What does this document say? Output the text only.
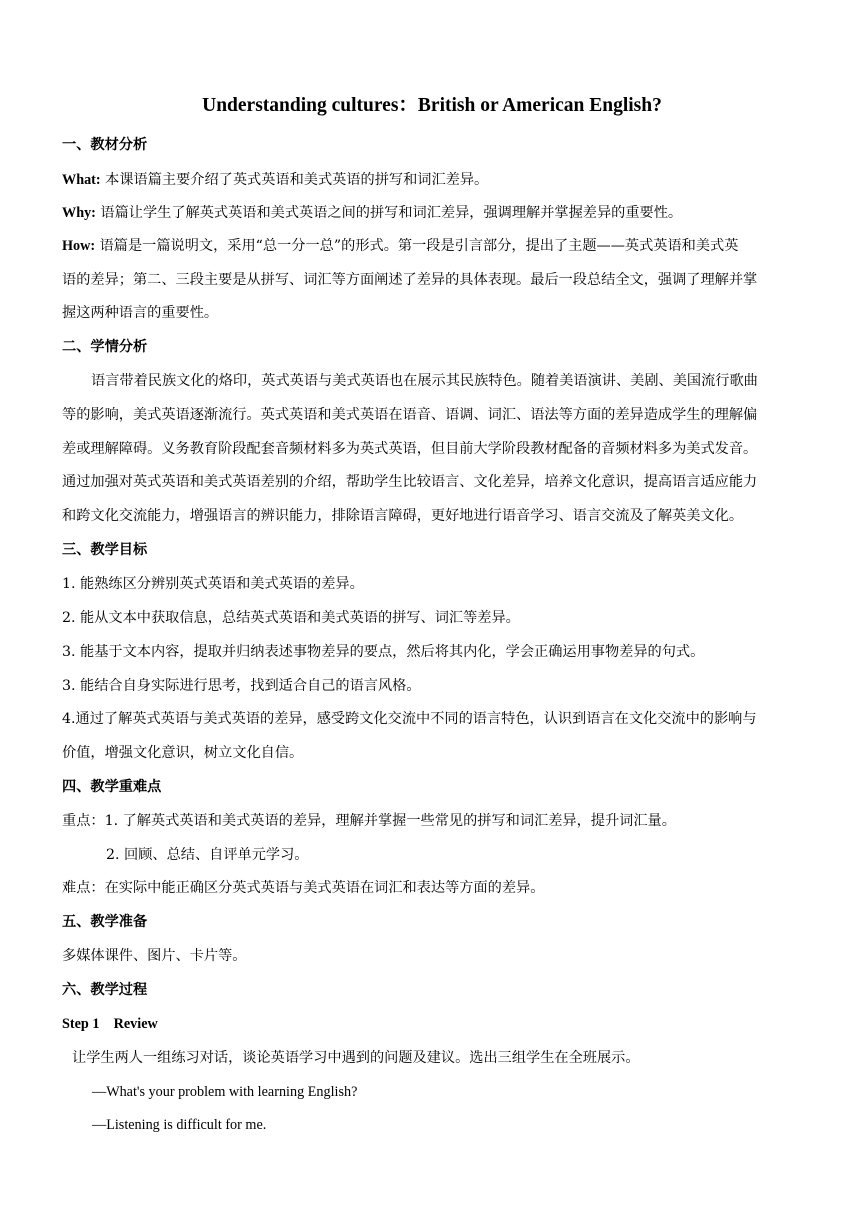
Understanding cultures：British or American English?
一、教材分析
What: 本课语篇主要介绍了英式英语和美式英语的拼写和词汇差异。
Why: 语篇让学生了解英式英语和美式英语之间的拼写和词汇差异，强调理解并掌握差异的重要性。
How: 语篇是一篇说明文，采用“总一分一总”的形式。第一段是引言部分，提出了主题——英式英语和美式英
语的差异；第二、三段主要是从拼写、词汇等方面阐述了差异的具体表现。最后一段总结全文，强调了理解并掌
握这两种语言的重要性。
二、学情分析
语言带着民族文化的烙印，英式英语与美式英语也在展示其民族特色。随着美语演讲、美剧、美国流行歌曲
等的影响，美式英语逐渐流行。英式英语和美式英语在语音、语调、词汇、语法等方面的差异造成学生的理解偏
差或理解障碍。义务教育阶段配套音频材料多为英式英语，但目前大学阶段教材配备的音频材料多为美式发音。
通过加强对英式英语和美式英语差别的介绍，帮助学生比较语言、文化差异，培养文化意识，提高语言适应能力
和跨文化交流能力，增强语言的辨识能力，排除语言障碍，更好地进行语音学习、语言交流及了解英美文化。
三、教学目标
1. 能熟练区分辨别英式英语和美式英语的差异。
2. 能从文本中获取信息，总结英式英语和美式英语的拼写、词汇等差异。
3. 能基于文本内容，提取并归纳表述事物差异的要点，然后将其内化，学会正确运用事物差异的句式。
3. 能结合自身实际进行思考，找到适合自己的语言风格。
4.通过了解英式英语与美式英语的差异，感受跨文化交流中不同的语言特色，认识到语言在文化交流中的影响与
价值，增强文化意识，树立文化自信。
四、教学重难点
重点：1. 了解英式英语和美式英语的差异，理解并掌握一些常见的拼写和词汇差异，提升词汇量。
2. 回顾、总结、自评单元学习。
难点：在实际中能正确区分英式英语与美式英语在词汇和表达等方面的差异。
五、教学准备
多媒体课件、图片、卡片等。
六、教学过程
Step 1    Review
让学生两人一组练习对话，谈论英语学习中遇到的问题及建议。选出三组学生在全班展示。
—What's your problem with learning English?
—Listening is difficult for me.
